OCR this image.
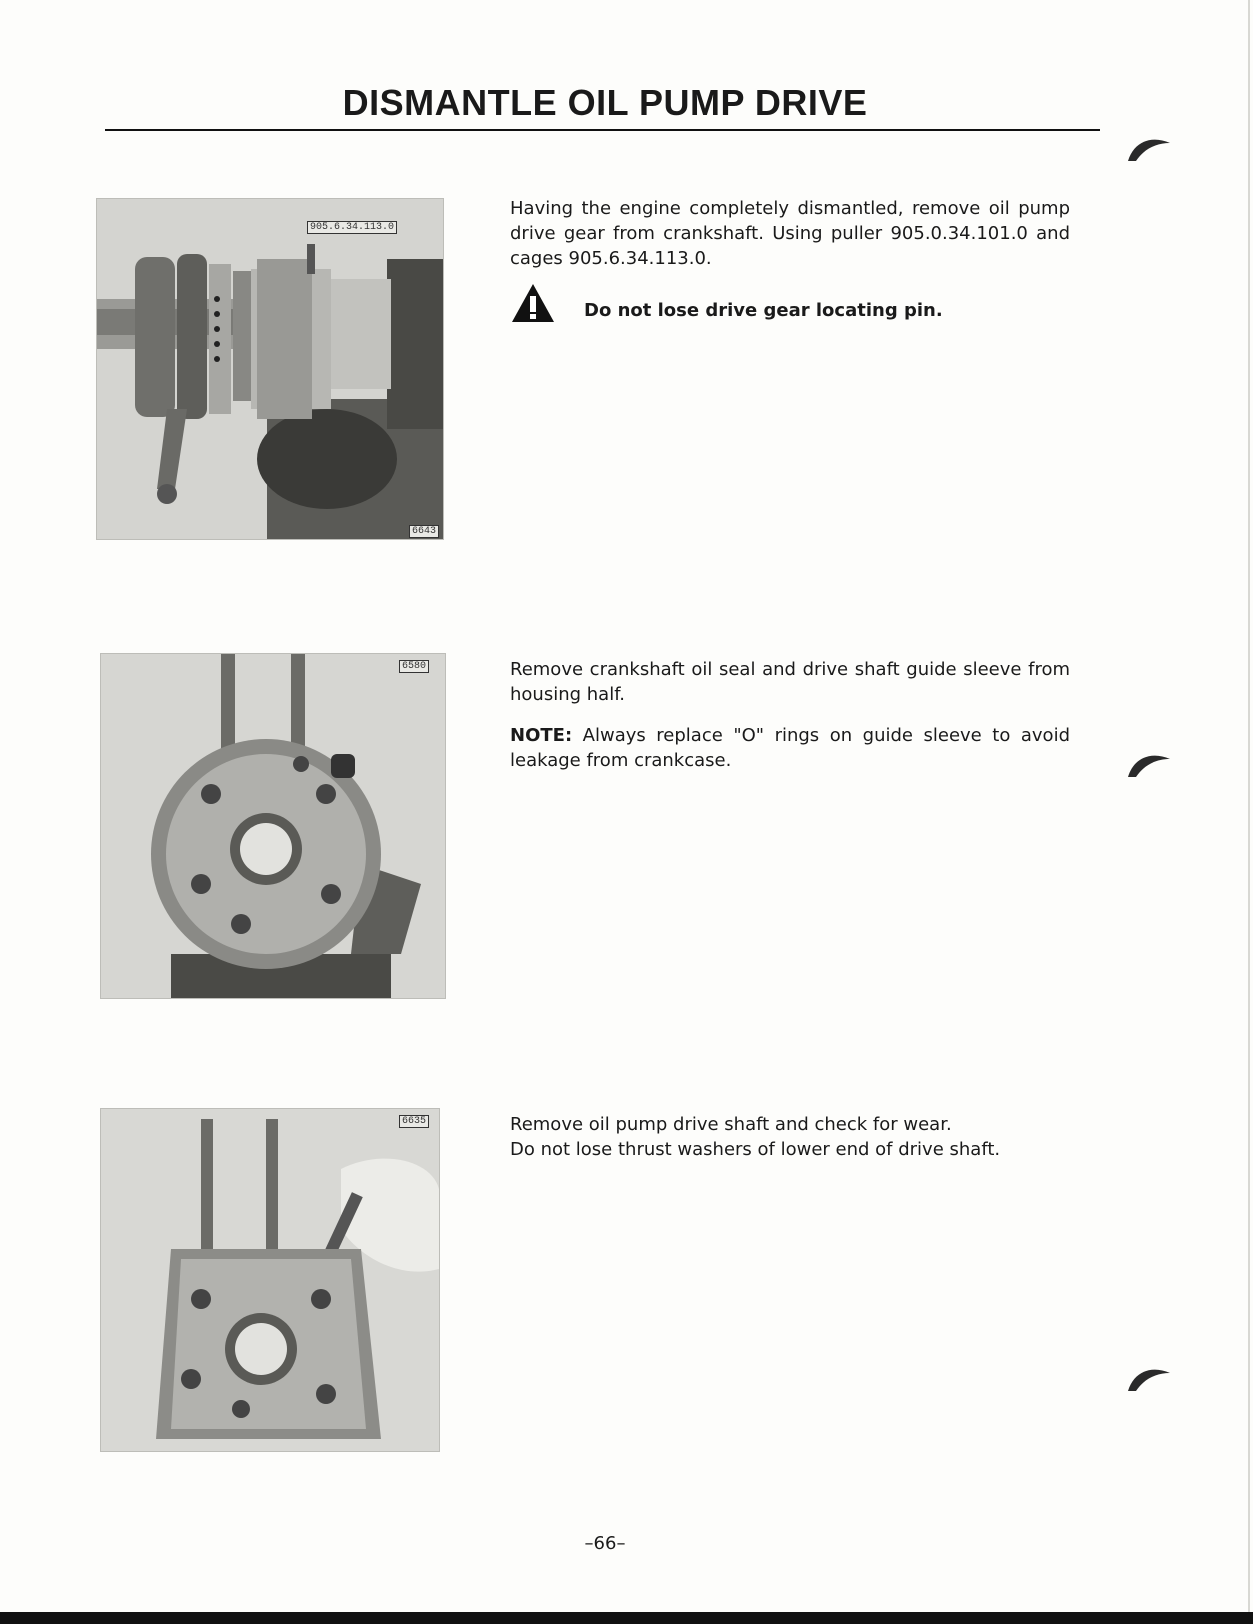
DISMANTLE OIL PUMP DRIVE
905.6.34.113.0
6643

Having the engine completely dismantled, remove oil pump drive gear from crankshaft. Using puller 905.0.34.101.0 and cages 905.6.34.113.0.

Do not lose drive gear locating pin.
6580	Remove crankshaft oil seal and drive shaft guide sleeve from housing half.

NOTE: Always replace "O" rings on guide sleeve to avoid leakage from crankcase.

6635	Remove oil pump drive shaft and check for wear.

Do not lose thrust washers of lower end of drive shaft.

–66–
